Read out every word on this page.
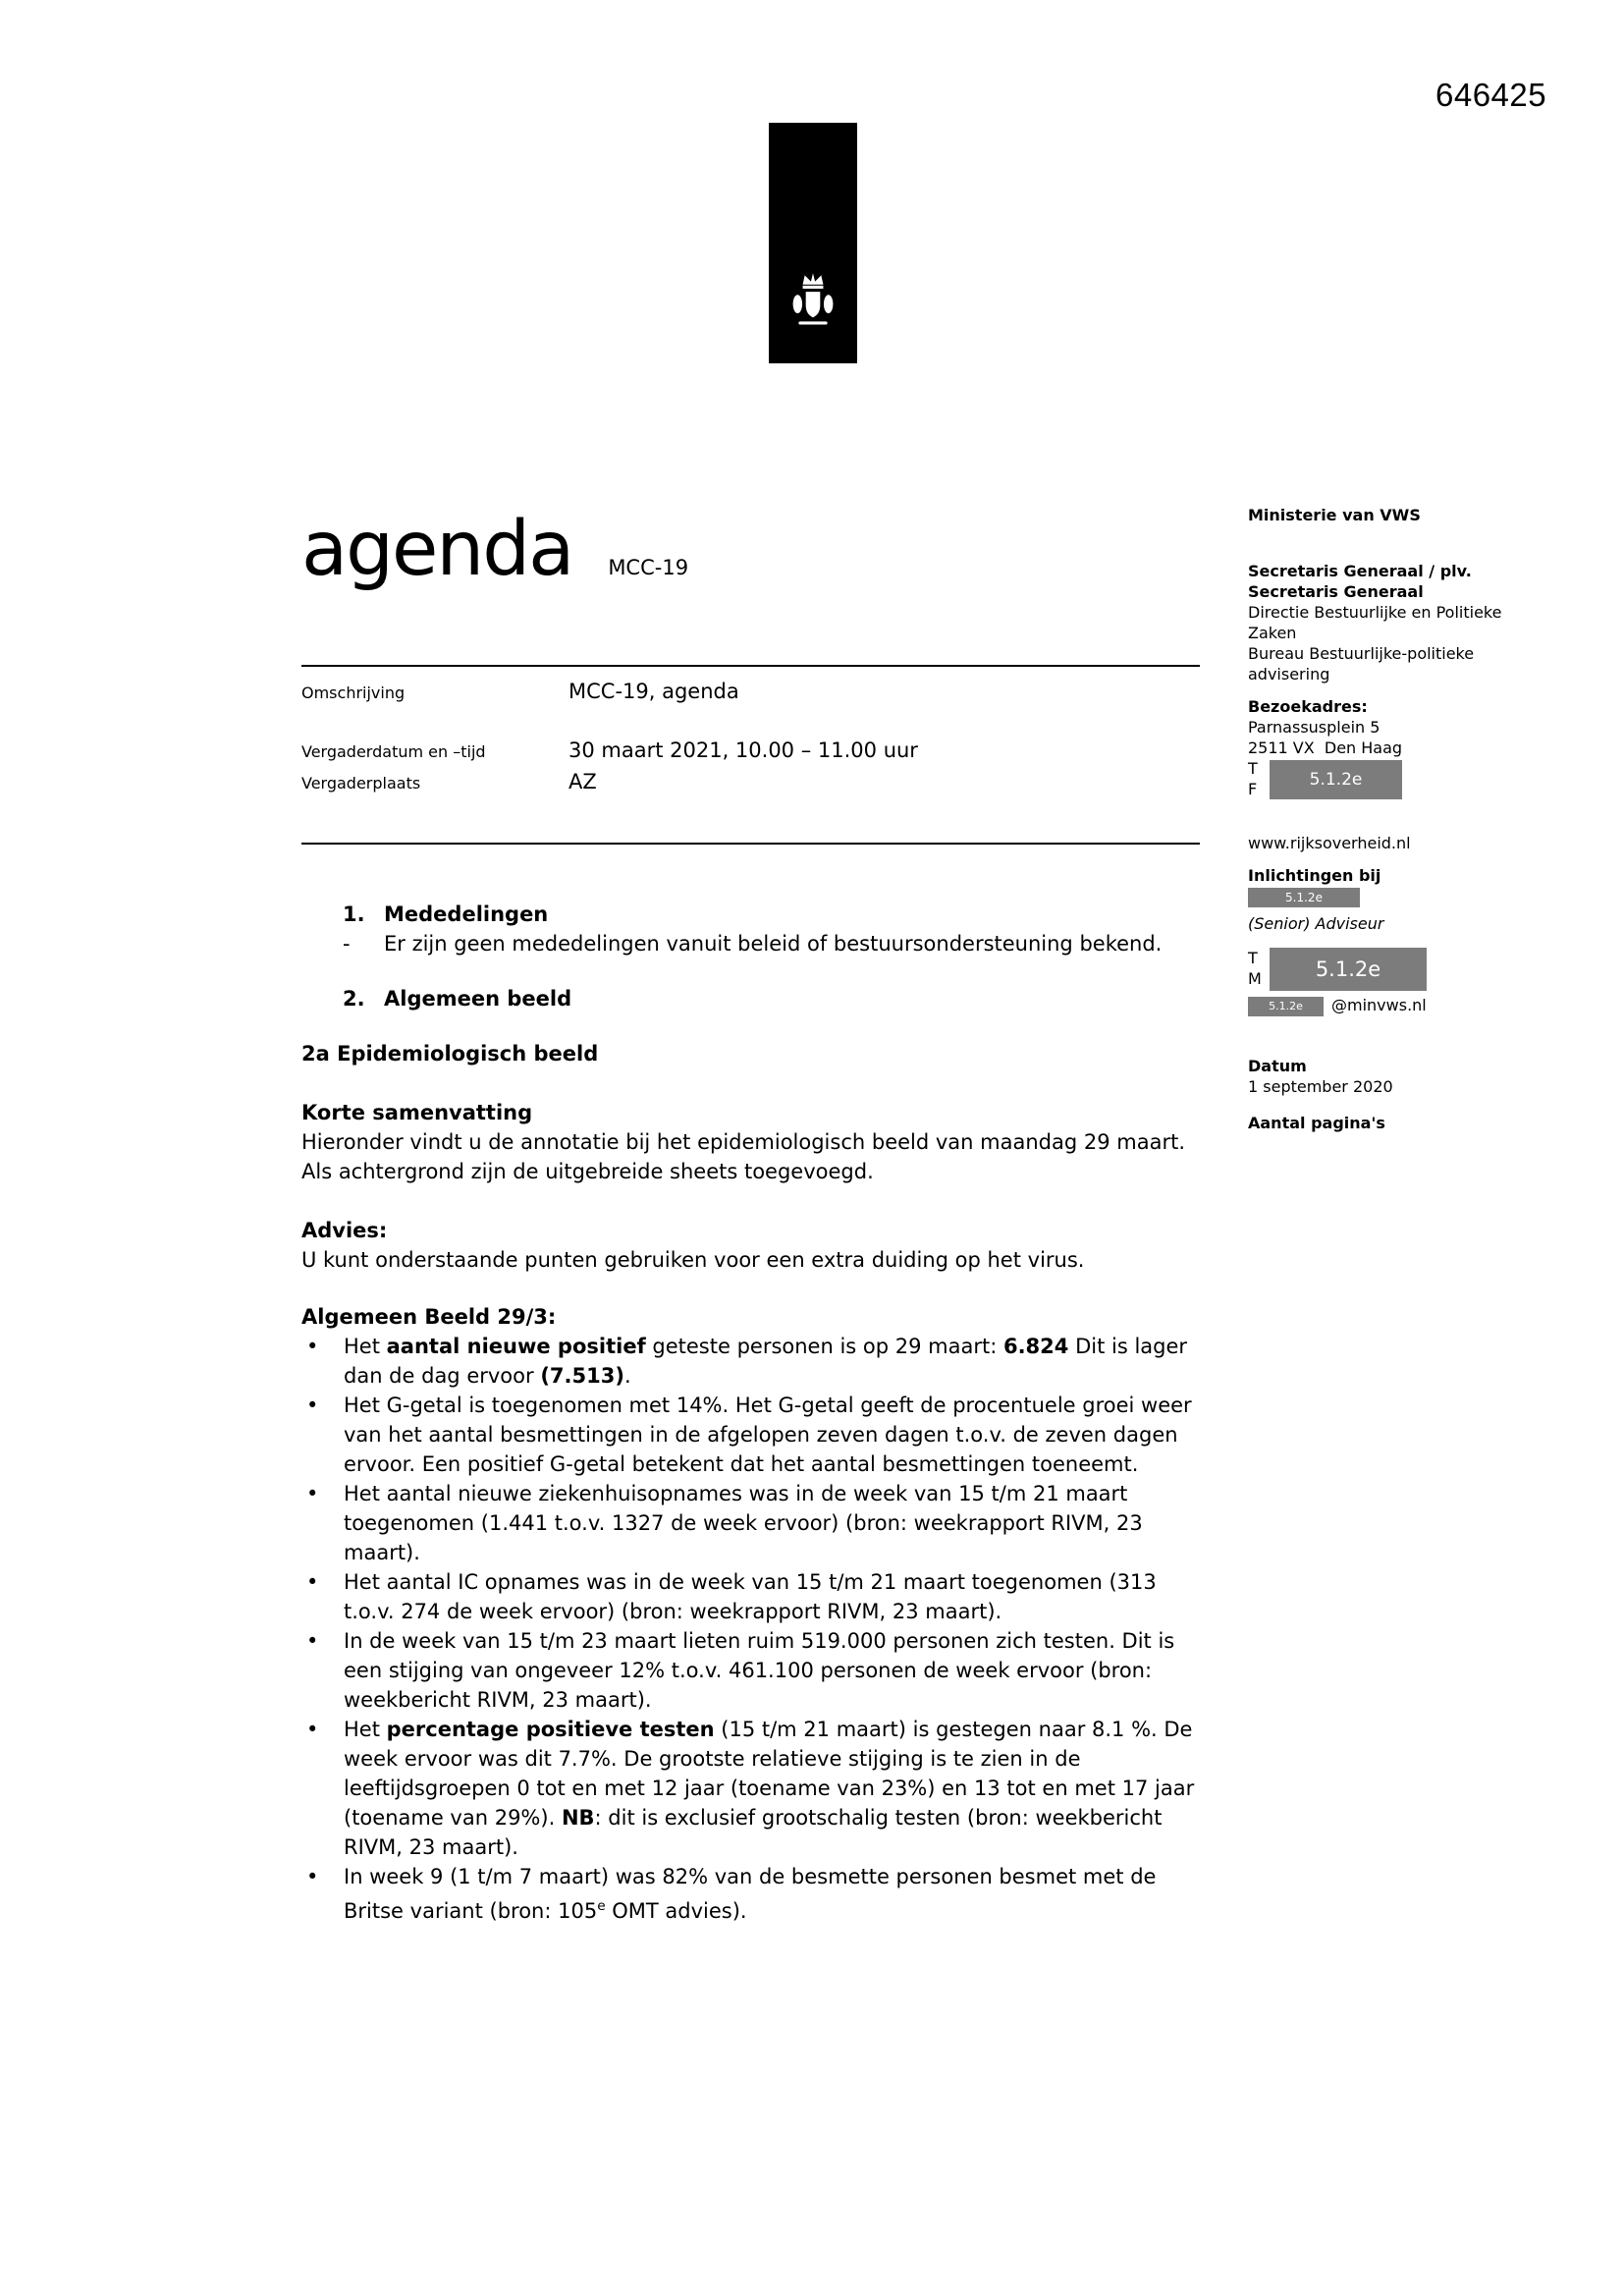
646425
agenda MCC-19
Omschrijving	MCC-19, agenda
Vergaderdatum en –tijd	30 maart 2021, 10.00 – 11.00 uur
Vergaderplaats	AZ
1. Mededelingen
-	Er zijn geen mededelingen vanuit beleid of bestuursondersteuning bekend.
2. Algemeen beeld
2a Epidemiologisch beeld
Korte samenvatting
Hieronder vindt u de annotatie bij het epidemiologisch beeld van maandag 29 maart. Als achtergrond zijn de uitgebreide sheets toegevoegd.
Advies:
U kunt onderstaande punten gebruiken voor een extra duiding op het virus.
Algemeen Beeld 29/3:
• Het aantal nieuwe positief geteste personen is op 29 maart: 6.824 Dit is lager dan de dag ervoor (7.513).
• Het G-getal is toegenomen met 14%. Het G-getal geeft de procentuele groei weer van het aantal besmettingen in de afgelopen zeven dagen t.o.v. de zeven dagen ervoor. Een positief G-getal betekent dat het aantal besmettingen toeneemt.
• Het aantal nieuwe ziekenhuisopnames was in de week van 15 t/m 21 maart toegenomen (1.441 t.o.v. 1327 de week ervoor) (bron: weekrapport RIVM, 23 maart).
• Het aantal IC opnames was in de week van 15 t/m 21 maart toegenomen (313 t.o.v. 274 de week ervoor) (bron: weekrapport RIVM, 23 maart).
• In de week van 15 t/m 23 maart lieten ruim 519.000 personen zich testen. Dit is een stijging van ongeveer 12% t.o.v. 461.100 personen de week ervoor (bron: weekbericht RIVM, 23 maart).
• Het percentage positieve testen (15 t/m 21 maart) is gestegen naar 8.1 %. De week ervoor was dit 7.7%. De grootste relatieve stijging is te zien in de leeftijdsgroepen 0 tot en met 12 jaar (toename van 23%) en 13 tot en met 17 jaar (toename van 29%). NB: dit is exclusief grootschalig testen (bron: weekbericht RIVM, 23 maart).
• In week 9 (1 t/m 7 maart) was 82% van de besmette personen besmet met de Britse variant (bron: 105e OMT advies).
Ministerie van VWS
Secretaris Generaal / plv.
Secretaris Generaal
Directie Bestuurlijke en Politieke
Zaken
Bureau Bestuurlijke-politieke
advisering
Bezoekadres:
Parnassusplein 5
2511 VX  Den Haag
T
F	5.1.2e
www.rijksoverheid.nl
Inlichtingen bij
5.1.2e
(Senior) Adviseur
T
M	5.1.2e
5.1.2e @minvws.nl
Datum
1 september 2020
Aantal pagina's
